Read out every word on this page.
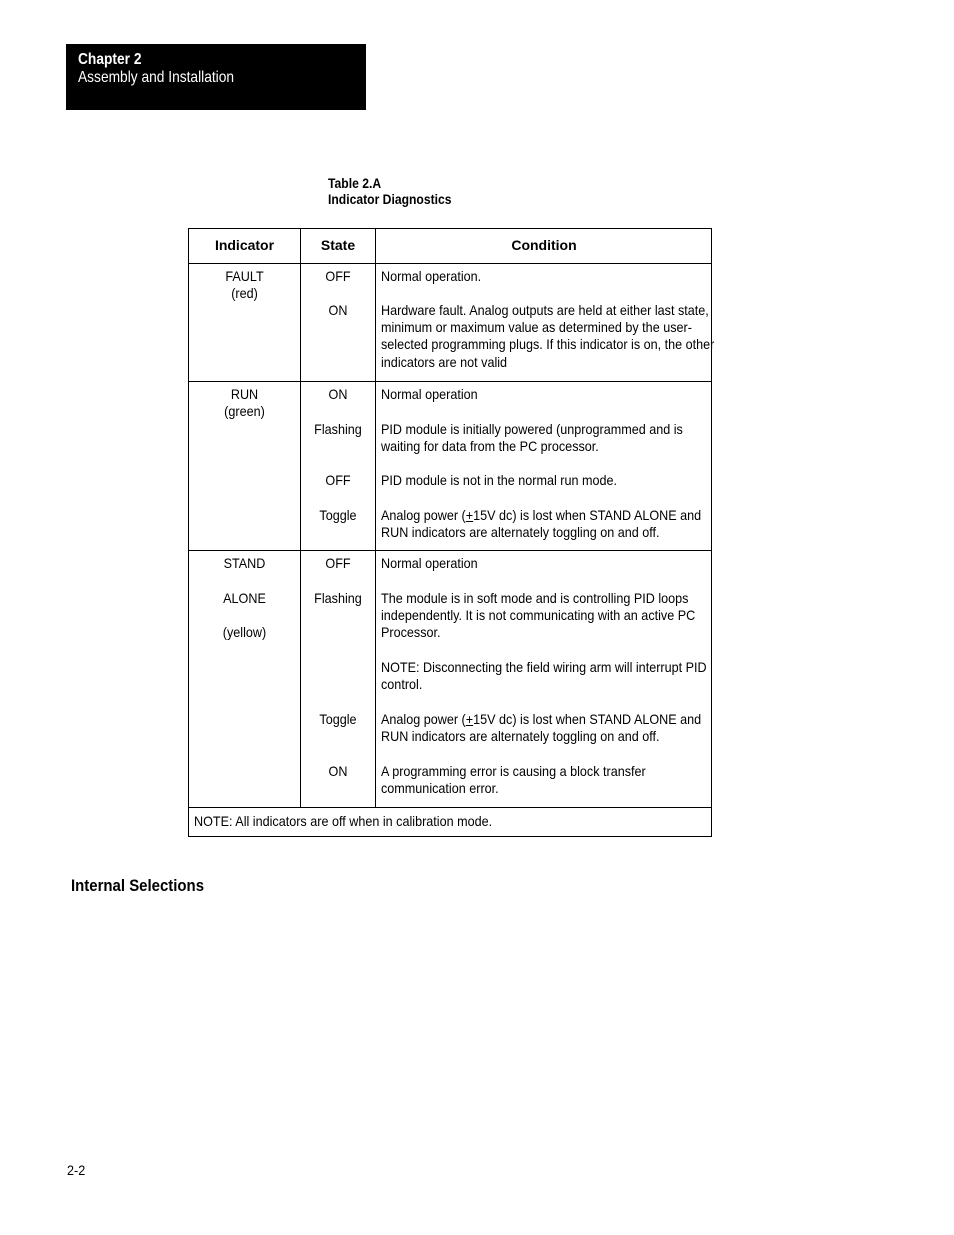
Chapter 2
Assembly and Installation
Table 2.A
Indicator Diagnostics
Indicator	State	Condition
FAULT
(red)
OFF
ON
Normal operation.
Hardware fault. Analog outputs are held at either last state, minimum or maximum value as determined by the user-selected programming plugs. If this indicator is on, the other indicators are not valid
RUN
(green)
ON
Flashing
OFF
Toggle
Normal operation
PID module is initially powered (unprogrammed and is waiting for data from the PC processor.
PID module is not in the normal run mode.
Analog power (+15V dc) is lost when STAND ALONE and RUN indicators are alternately toggling on and off.
STAND
ALONE
(yellow)
OFF
Flashing
Toggle
ON
Normal operation
The module is in soft mode and is controlling PID loops independently. It is not communicating with an active PC Processor.
NOTE: Disconnecting the field wiring arm will interrupt PID control.
Analog power (+15V dc) is lost when STAND ALONE and RUN indicators are alternately toggling on and off.
A programming error is causing a block transfer communication error.
NOTE: All indicators are off when in calibration mode.
Internal Selections
2-2
